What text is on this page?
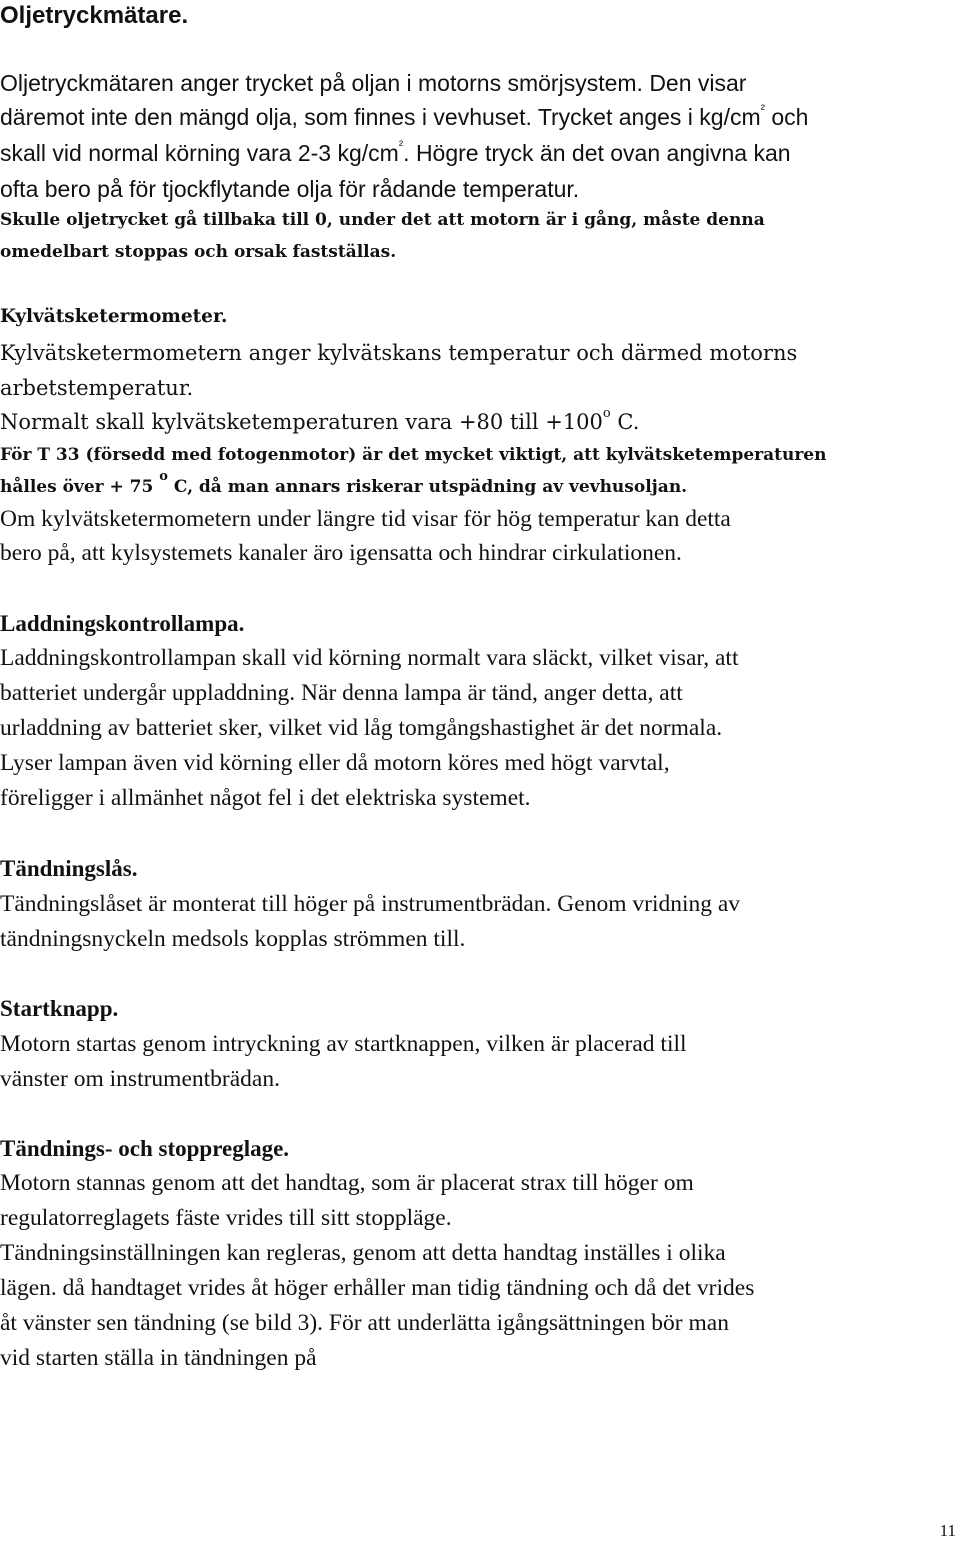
Oljetryckmätare.
Oljetryckmätaren anger trycket på oljan i motorns smörjsystem. Den visar
däremot inte den mängd olja, som finnes i vevhuset. Trycket anges i $kg/cm^{^2}$ och
skall vid normal körning vara 2-3 $kg/cm^{^2}$. Högre tryck än det ovan angivna kan
ofta bero på för tjockflytande olja för rådande temperatur.
Skulle oljetrycket gå tillbaka till 0, under det att motorn är i gång, måste denna
omedelbart stoppas och orsak fastställas.
Kylvätsketermometer.
Kylvätsketermometern anger kylvätskans temperatur och därmed motorns
arbetstemperatur.
Normalt skall kylvätsketemperaturen vara +80 till $+100^o$ C.
För T 33 (försedd med fotogenmotor) är det mycket viktigt, att kylvätsketemperaturen
hålles över + 75 $^o$ C, då man annars riskerar utspädning av vevhusoljan.
Om kylvätsketermometern under längre tid visar för hög temperatur kan detta
bero på, att kylsystemets kanaler äro igensatta och hindrar cirkulationen.
Laddningskontrollampa.
Laddningskontrollampan skall vid körning normalt vara släckt, vilket visar, att
batteriet undergår uppladdning. När denna lampa är tänd, anger detta, att
urladdning av batteriet sker, vilket vid låg tomgångshastighet är det normala.
Lyser lampan även vid körning eller då motorn köres med högt varvtal,
föreligger i allmänhet något fel i det elektriska systemet.
Tändningslås.
Tändningslåset är monterat till höger på instrumentbrädan. Genom vridning av
tändningsnyckeln medsols kopplas strömmen till.
Startknapp.
Motorn startas genom intryckning av startknappen, vilken är placerad till
vänster om instrumentbrädan.
Tändnings- och stoppreglage.
Motorn stannas genom att det handtag, som är placerat strax till höger om
regulatorreglagets fäste vrides till sitt stoppläge.
Tändningsinställningen kan regleras, genom att detta handtag inställes i olika
lägen. då handtaget vrides åt höger erhåller man tidig tändning och då det vrides
åt vänster sen tändning (se bild 3). För att underlätta igångsättningen bör man
vid starten ställa in tändningen på
11
